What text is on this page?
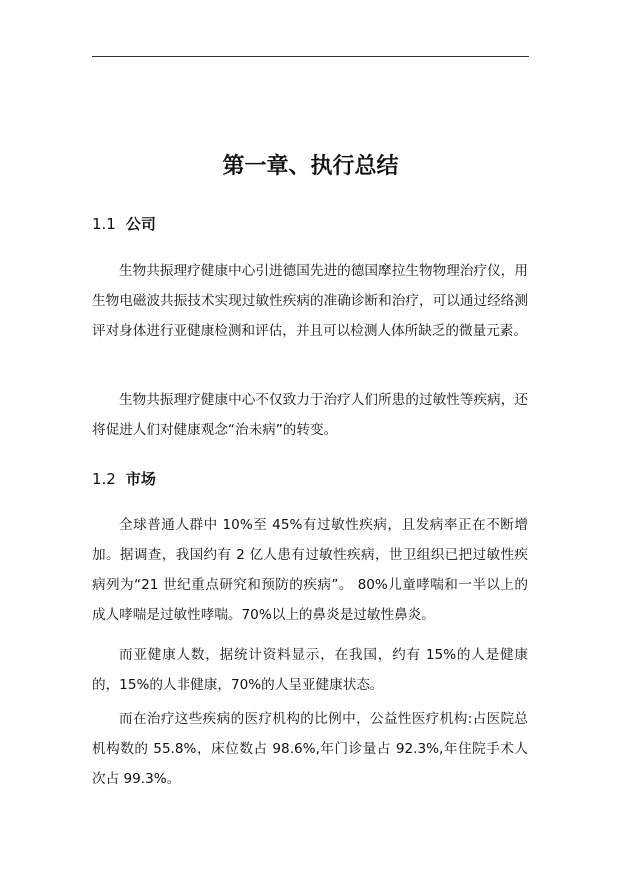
第一章、执行总结
1.1 公司

生物共振理疗健康中心引进德国先进的德国摩拉生物物理治疗仪，用生物电磁波共振技术实现过敏性疾病的准确诊断和治疗，可以通过经络测评对身体进行亚健康检测和评估，并且可以检测人体所缺乏的微量元素。

生物共振理疗健康中心不仅致力于治疗人们所患的过敏性等疾病，还将促进人们对健康观念“治未病”的转变。

1.2 市场

全球普通人群中 10%至 45%有过敏性疾病，且发病率正在不断增加。据调查，我国约有 2 亿人患有过敏性疾病，世卫组织已把过敏性疾病列为“21 世纪重点研究和预防的疾病”。 80%儿童哮喘和一半以上的成人哮喘是过敏性哮喘。70%以上的鼻炎是过敏性鼻炎。

而亚健康人数，据统计资料显示，在我国，约有 15%的人是健康的，15%的人非健康，70%的人呈亚健康状态。

而在治疗这些疾病的医疗机构的比例中，公益性医疗机构:占医院总机构数的 55.8%，床位数占 98.6%,年门诊量占 92.3%,年住院手术人次占 99.3%。
